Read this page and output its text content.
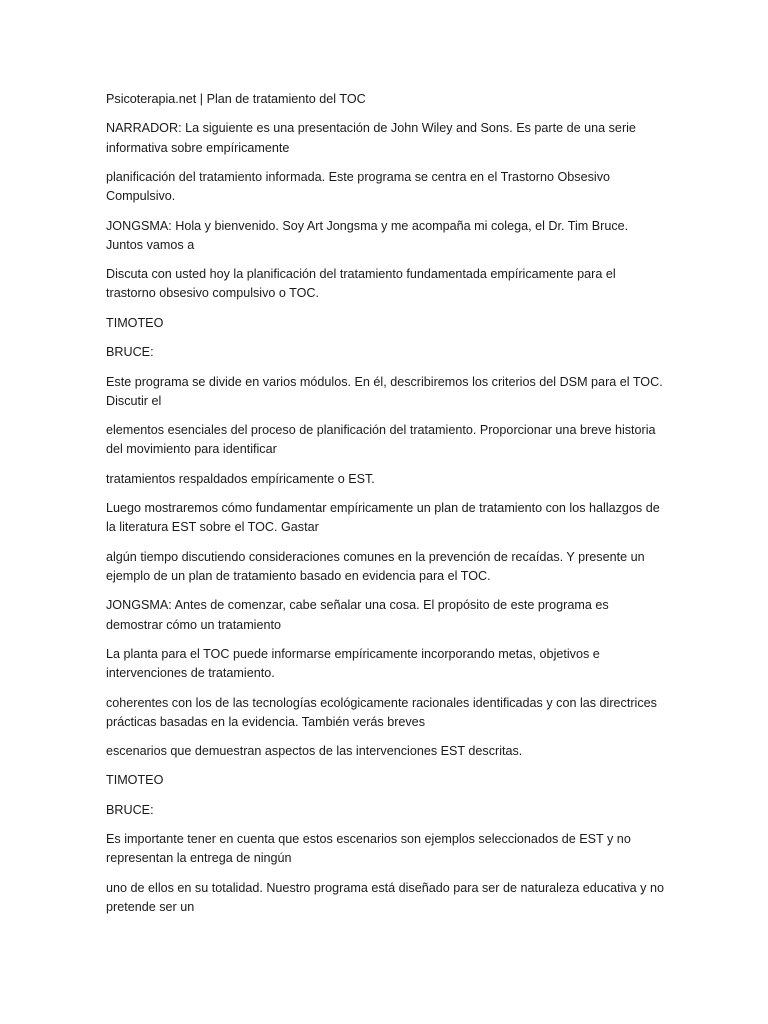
Psicoterapia.net | Plan de tratamiento del TOC

NARRADOR: La siguiente es una presentación de John Wiley and Sons. Es parte de una serie informativa sobre empíricamente

planificación del tratamiento informada. Este programa se centra en el Trastorno Obsesivo Compulsivo.

JONGSMA: Hola y bienvenido. Soy Art Jongsma y me acompaña mi colega, el Dr. Tim Bruce. Juntos vamos a

Discuta con usted hoy la planificación del tratamiento fundamentada empíricamente para el trastorno obsesivo compulsivo o TOC.

TIMOTEO

BRUCE:

Este programa se divide en varios módulos. En él, describiremos los criterios del DSM para el TOC. Discutir el

elementos esenciales del proceso de planificación del tratamiento. Proporcionar una breve historia del movimiento para identificar

tratamientos respaldados empíricamente o EST.

Luego mostraremos cómo fundamentar empíricamente un plan de tratamiento con los hallazgos de la literatura EST sobre el TOC. Gastar

algún tiempo discutiendo consideraciones comunes en la prevención de recaídas. Y presente un ejemplo de un plan de tratamiento basado en evidencia para el TOC.

JONGSMA: Antes de comenzar, cabe señalar una cosa. El propósito de este programa es demostrar cómo un tratamiento

La planta para el TOC puede informarse empíricamente incorporando metas, objetivos e intervenciones de tratamiento.

coherentes con los de las tecnologías ecológicamente racionales identificadas y con las directrices prácticas basadas en la evidencia. También verás breves

escenarios que demuestran aspectos de las intervenciones EST descritas.

TIMOTEO

BRUCE:

Es importante tener en cuenta que estos escenarios son ejemplos seleccionados de EST y no representan la entrega de ningún

uno de ellos en su totalidad. Nuestro programa está diseñado para ser de naturaleza educativa y no pretende ser un
